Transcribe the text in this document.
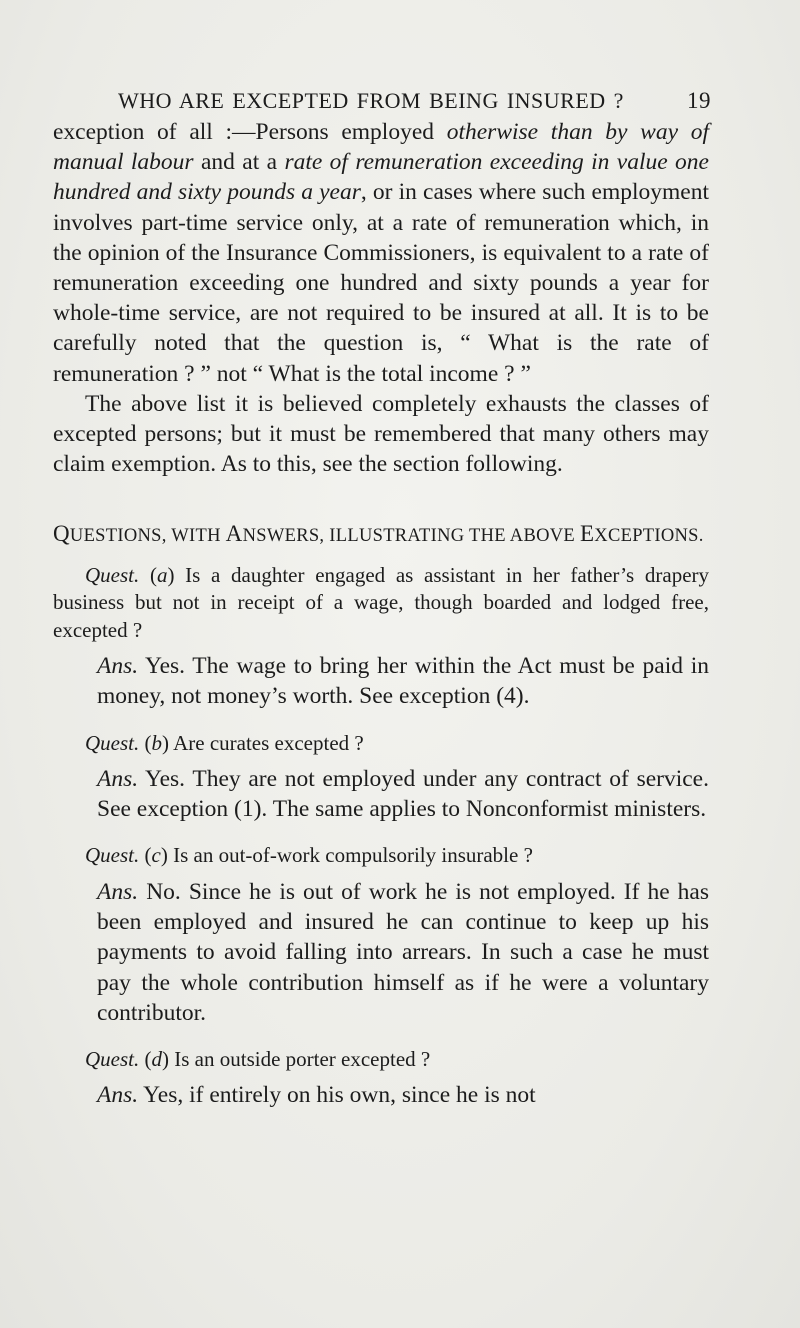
WHO ARE EXCEPTED FROM BEING INSURED ?	19

exception of all :—Persons employed otherwise than by way of manual labour and at a rate of remuneration exceeding in value one hundred and sixty pounds a year, or in cases where such employment involves part-time service only, at a rate of remuneration which, in the opinion of the Insurance Commissioners, is equivalent to a rate of remuneration exceeding one hundred and sixty pounds a year for whole-time service, are not required to be insured at all. It is to be carefully noted that the question is, “ What is the rate of remuneration ? ” not “ What is the total income ? ”

The above list it is believed completely exhausts the classes of excepted persons; but it must be remembered that many others may claim exemption. As to this, see the section following.

QUESTIONS, WITH ANSWERS, ILLUSTRATING THE ABOVE EXCEPTIONS.

Quest. (a) Is a daughter engaged as assistant in her father’s drapery business but not in receipt of a wage, though boarded and lodged free, excepted ?

Ans. Yes. The wage to bring her within the Act must be paid in money, not money’s worth. See exception (4).

Quest. (b) Are curates excepted ?

Ans. Yes. They are not employed under any contract of service. See exception (1). The same applies to Nonconformist ministers.

Quest. (c) Is an out-of-work compulsorily insurable ?

Ans. No. Since he is out of work he is not employed. If he has been employed and insured he can continue to keep up his payments to avoid falling into arrears. In such a case he must pay the whole contribution himself as if he were a voluntary contributor.

Quest. (d) Is an outside porter excepted ?

Ans. Yes, if entirely on his own, since he is not
